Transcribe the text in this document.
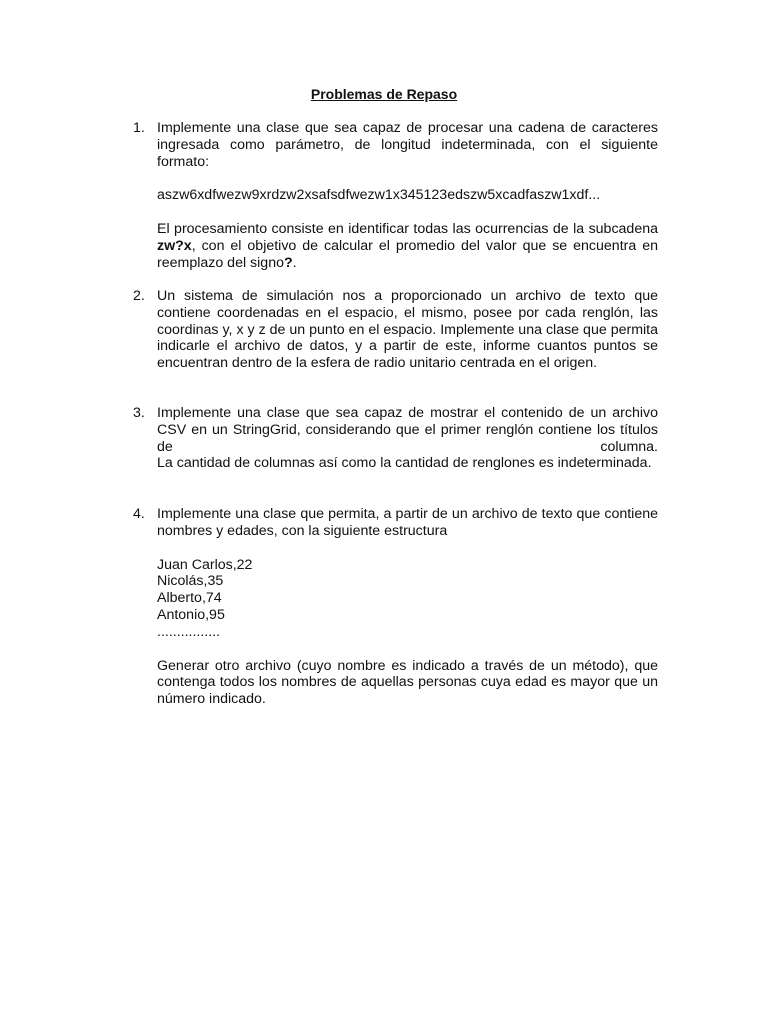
Problemas de Repaso
1. Implemente una clase que sea capaz de procesar una cadena de caracteres ingresada como parámetro, de longitud indeterminada, con el siguiente formato:

aszw6xdfwezw9xrdzw2xsafsdfwezw1x345123edszw5xcadfaszw1xdf...

El procesamiento consiste en identificar todas las ocurrencias de la subcadena zw?x, con el objetivo de calcular el promedio del valor que se encuentra en reemplazo del signo?.

2. Un sistema de simulación nos a proporcionado un archivo de texto que contiene coordenadas en el espacio, el mismo, posee por cada renglón, las coordinas y, x y z de un punto en el espacio. Implemente una clase que permita indicarle el archivo de datos, y a partir de este, informe cuantos puntos se encuentran dentro de la esfera de radio unitario centrada en el origen.

3. Implemente una clase que sea capaz de mostrar el contenido de un archivo CSV en un StringGrid, considerando que el primer renglón contiene los títulos de columna.

La cantidad de columnas así como la cantidad de renglones es indeterminada.

4. Implemente una clase que permita, a partir de un archivo de texto que contiene nombres y edades, con la siguiente estructura

Juan Carlos,22

Nicolás,35

Alberto,74

Antonio,95

................

Generar otro archivo (cuyo nombre es indicado a través de un método), que contenga todos los nombres de aquellas personas cuya edad es mayor que un número indicado.
